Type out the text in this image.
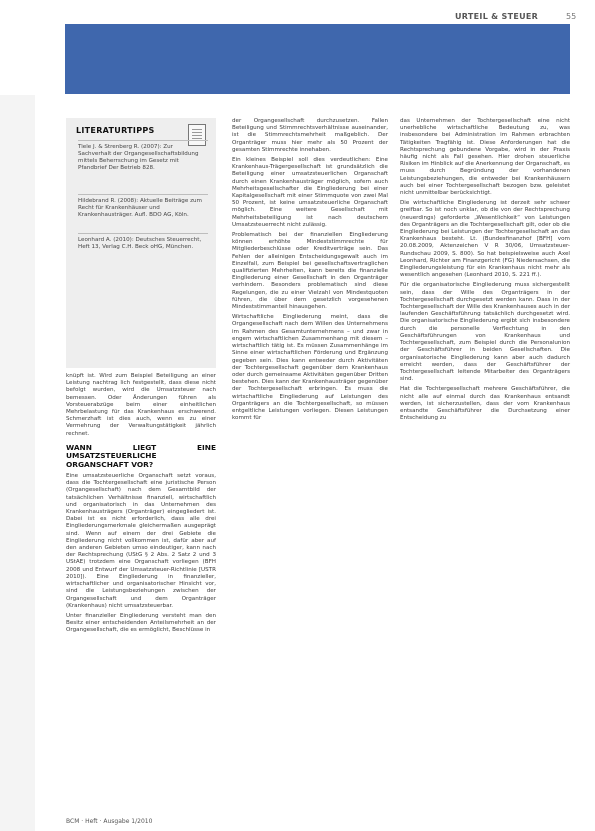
URTEIL & STEUER	55
LITERATURTIPPS
Tiele J. & Strenberg R. (2007): Zur Sachverhalt der Organgesellschaftsbildung mittels Beherrschung im Gesetz mit Pfandbrief Der Betrieb 828.
Hildebrand R. (2008): Aktuelle Beiträge zum Recht für Krankenhäuser und Krankenhausträger. Aufl. BDO AG, Köln.
Leonhard A. (2010): Deutsches Steuerrecht, Heft 13, Verlag C.H. Beck oHG, München.

knüpft ist. Wird zum Beispiel Beteiligung an einer Leistung nachtrag lich festgestellt, dass diese nicht befolgt wurden, wird die Umsatzsteuer nach bemessen. Oder Änderungen führen als Vorsteuerabzüge beim einer einheitlichen Mehrbelastung für das Krankenhaus erschwerend. Schmerzhaft ist dies auch, wenn es zu einer Vermehrung der Verwaltungstätigkeit jährlich rechnet.

WANN LIEGT EINE UMSATZSTEUERLICHE ORGANSCHAFT VOR?

Eine umsatzsteuerliche Organschaft setzt voraus, dass die Tochtergesellschaft eine juristische Person (Organgesellschaft) nach dem Gesamtbild der tatsächlichen Verhältnisse finanziell, wirtschaftlich und organisatorisch in das Unternehmen des Krankenhausträgers (Organträger) eingegliedert ist. Dabei ist es nicht erforderlich, dass alle drei Eingliederungsmerkmale gleichermaßen ausgeprägt sind. Wenn auf einem der drei Gebiete die Eingliederung nicht vollkommen ist, dafür aber auf den anderen Gebieten umso eindeutiger, kann nach der Rechtsprechung (UStG § 2 Abs. 2 Satz 2 und 3 UStAE) trotzdem eine Organschaft vorliegen (BFH 2008 und Entwurf der Umsatzsteuer-Richtlinie [USTR 2010]). Eine Eingliederung in finanzieller, wirtschaftlicher und organisatorischer Hinsicht vor, sind die Leistungsbeziehungen zwischen der Organgesellschaft und dem Organträger (Krankenhaus) nicht umsatzsteuerbar.

Unter finanzieller Eingliederung versteht man den Besitz einer entscheidenden Anteilsmehrheit an der Organgesellschaft, die es ermöglicht, Beschlüsse in

der Organgesellschaft durchzusetzen. Fallen Beteiligung und Stimmrechtsverhältnisse auseinander, ist die Stimmrechtsmehrheit maßgeblich. Der Organträger muss hier mehr als 50 Prozent der gesamten Stimmrechte innehaben.

Ein kleines Beispiel soll dies verdeutlichen: Eine Krankenhaus-Trägergesellschaft ist grundsätzlich die Beteiligung einer umsatzsteuerlichen Organschaft durch einen Krankenhausträger möglich, sofern auch Mehrheitsgesellschafter die Eingliederung bei einer Kapitalgesellschaft mit einer Stimmquote von zwei Mal 50 Prozent, ist keine umsatzsteuerliche Organschaft möglich. Eine weitere Gesellschaft mit Mehrheitsbeteiligung ist nach deutschem Umsatzsteuerrecht nicht zulässig.

Problematisch bei der finanziellen Eingliederung können erhöhte Mindeststimmrechte für Mitgliederbeschlüsse oder Kreditverträge sein. Das Fehlen der alleinigen Entscheidungsgewalt auch im Einzelfall, zum Beispiel bei gesellschaftsvertraglichen qualifizierten Mehrheiten, kann bereits die finanzielle Eingliederung einer Gesellschaft in den Organträger verhindern. Besonders problematisch sind diese Regelungen, die zu einer Vielzahl von Mindestquoten führen, die über dem gesetzlich vorgesehenen Mindeststimmanteil hinausgehen.

Wirtschaftliche Eingliederung meint, dass die Organgesellschaft nach dem Willen des Unternehmens im Rahmen des Gesamtunternehmens – und zwar in engem wirtschaftlichen Zusammenhang mit diesem – wirtschaftlich tätig ist. Es müssen Zusammenhänge im Sinne einer wirtschaftlichen Förderung und Ergänzung gegeben sein. Dies kann entweder durch Aktivitäten der Tochtergesellschaft gegenüber dem Krankenhaus oder durch gemeinsame Aktivitäten gegenüber Dritten bestehen. Dies kann der Krankenhausträger gegenüber der Tochtergesellschaft erbringen. Es muss die wirtschaftliche Eingliederung auf Leistungen des Organträgers an die Tochtergesellschaft, so müssen entgeltliche Leistungen vorliegen. Diesen Leistungen kommt für

das Unternehmen der Tochtergesellschaft eine nicht unerhebliche wirtschaftliche Bedeutung zu, was insbesondere bei Administration im Rahmen erbrachten Tätigkeiten Tragfähig ist. Diese Anforderungen hat die Rechtsprechung gebundene Vorgabe, wird in der Praxis häufig nicht als Fall gesehen. Hier drohen steuerliche Risiken im Hinblick auf die Anerkennung der Organschaft, es muss durch Begründung der vorhandenen Leistungsbeziehungen, die entweder bei Krankenhäusern auch bei einer Tochtergesellschaft bezogen bzw. geleistet nicht unmittelbar berücksichtigt.

Die wirtschaftliche Eingliederung ist derzeit sehr schwer greifbar. So ist noch unklar, ob die von der Rechtsprechung (neuerdings) geforderte „Wesentlichkeit“ von Leistungen des Organträgers an die Tochtergesellschaft gilt, oder ob die Eingliederung bei Leistungen der Tochtergesellschaft an das Krankenhaus besteht. Lt. (Bundesfinanzhof [BFH] vom 20.08.2009, Aktenzeichen V R 30/06, Umsatzsteuer-Rundschau 2009, S. 800). So hat beispielsweise auch Axel Leonhard, Richter am Finanzgericht (FG) Niedersachsen, die Eingliederungsleistung für ein Krankenhaus nicht mehr als wesentlich angesehen (Leonhard 2010, S. 221 ff.).

Für die organisatorische Eingliederung muss sichergestellt sein, dass der Wille des Organträgers in der Tochtergesellschaft durchgesetzt werden kann. Dass in der Tochtergesellschaft der Wille des Krankenhauses auch in der laufenden Geschäftsführung tatsächlich durchgesetzt wird. Die organisatorische Eingliederung ergibt sich insbesondere durch die personelle Verflechtung in den Geschäftsführungen von Krankenhaus und Tochtergesellschaft, zum Beispiel durch die Personalunion der Geschäftsführer in beiden Gesellschaften. Die organisatorische Eingliederung kann aber auch dadurch erreicht werden, dass der Geschäftsführer der Tochtergesellschaft leitende Mitarbeiter des Organträgers sind.

Hat die Tochtergesellschaft mehrere Geschäftsführer, die nicht alle auf einmal durch das Krankenhaus entsandt werden, ist sicherzustellen, dass der vom Krankenhaus entsandte Geschäftsführer die Durchsetzung einer Entscheidung zu

BCM · Heft · Ausgabe 1/2010
